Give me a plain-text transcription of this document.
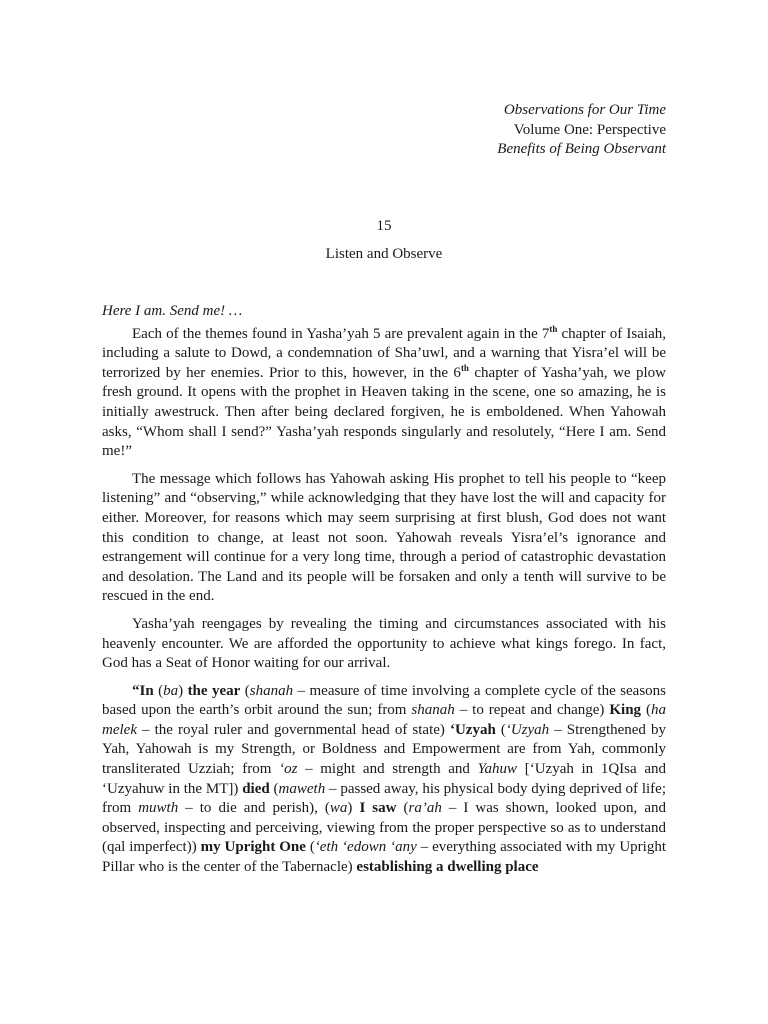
Observations for Our Time
Volume One: Perspective
Benefits of Being Observant
15
Listen and Observe

Here I am. Send me! …

Each of the themes found in Yasha’yah 5 are prevalent again in the 7th chapter of Isaiah, including a salute to Dowd, a condemnation of Sha’uwl, and a warning that Yisra’el will be terrorized by her enemies. Prior to this, however, in the 6th chapter of Yasha’yah, we plow fresh ground. It opens with the prophet in Heaven taking in the scene, one so amazing, he is initially awestruck. Then after being declared forgiven, he is emboldened. When Yahowah asks, “Whom shall I send?” Yasha’yah responds singularly and resolutely, “Here I am. Send me!”

The message which follows has Yahowah asking His prophet to tell his people to “keep listening” and “observing,” while acknowledging that they have lost the will and capacity for either. Moreover, for reasons which may seem surprising at first blush, God does not want this condition to change, at least not soon. Yahowah reveals Yisra’el’s ignorance and estrangement will continue for a very long time, through a period of catastrophic devastation and desolation. The Land and its people will be forsaken and only a tenth will survive to be rescued in the end.

Yasha’yah reengages by revealing the timing and circumstances associated with his heavenly encounter. We are afforded the opportunity to achieve what kings forego. In fact, God has a Seat of Honor waiting for our arrival.

“In (ba) the year (shanah – measure of time involving a complete cycle of the seasons based upon the earth’s orbit around the sun; from shanah – to repeat and change) King (ha melek – the royal ruler and governmental head of state) ‘Uzyah (‘Uzyah – Strengthened by Yah, Yahowah is my Strength, or Boldness and Empowerment are from Yah, commonly transliterated Uzziah; from ‘oz – might and strength and Yahuw [‘Uzyah in 1QIsa and ‘Uzyahuw in the MT]) died (maweth – passed away, his physical body dying deprived of life; from muwth – to die and perish), (wa) I saw (ra’ah – I was shown, looked upon, and observed, inspecting and perceiving, viewing from the proper perspective so as to understand (qal imperfect)) my Upright One (‘eth ‘edown ‘any – everything associated with my Upright Pillar who is the center of the Tabernacle) establishing a dwelling place
